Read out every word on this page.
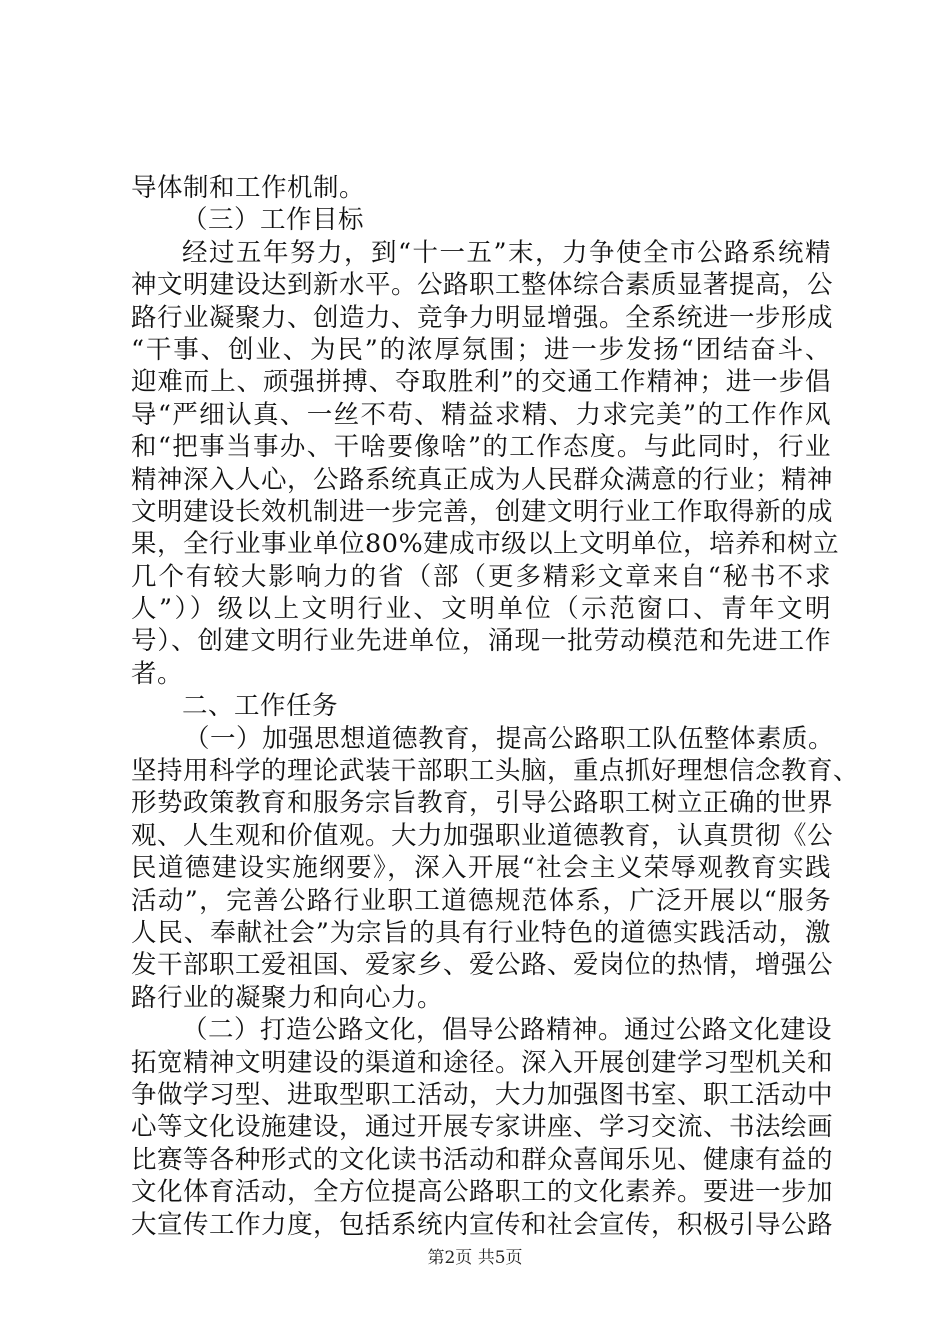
导体制和工作机制。
（三）工作目标
经过五年努力，到“十一五”末，力争使全市公路系统精
神文明建设达到新水平。公路职工整体综合素质显著提高，公
路行业凝聚力、创造力、竞争力明显增强。全系统进一步形成
“干事、创业、为民”的浓厚氛围；进一步发扬“团结奋斗、
迎难而上、顽强拼搏、夺取胜利”的交通工作精神；进一步倡
导“严细认真、一丝不苟、精益求精、力求完美”的工作作风
和“把事当事办、干啥要像啥”的工作态度。与此同时，行业
精神深入人心，公路系统真正成为人民群众满意的行业；精神
文明建设长效机制进一步完善，创建文明行业工作取得新的成
果，全行业事业单位80%建成市级以上文明单位，培养和树立
几个有较大影响力的省（部（更多精彩文章来自“秘书不求
人”））级以上文明行业、文明单位（示范窗口、青年文明
号）、创建文明行业先进单位，涌现一批劳动模范和先进工作
者。
二、工作任务
（一）加强思想道德教育，提高公路职工队伍整体素质。
坚持用科学的理论武装干部职工头脑，重点抓好理想信念教育、
形势政策教育和服务宗旨教育，引导公路职工树立正确的世界
观、人生观和价值观。大力加强职业道德教育，认真贯彻《公
民道德建设实施纲要》，深入开展“社会主义荣辱观教育实践
活动”，完善公路行业职工道德规范体系，广泛开展以“服务
人民、奉献社会”为宗旨的具有行业特色的道德实践活动，激
发干部职工爱祖国、爱家乡、爱公路、爱岗位的热情，增强公
路行业的凝聚力和向心力。
（二）打造公路文化，倡导公路精神。通过公路文化建设
拓宽精神文明建设的渠道和途径。深入开展创建学习型机关和
争做学习型、进取型职工活动，大力加强图书室、职工活动中
心等文化设施建设，通过开展专家讲座、学习交流、书法绘画
比赛等各种形式的文化读书活动和群众喜闻乐见、健康有益的
文化体育活动，全方位提高公路职工的文化素养。要进一步加
大宣传工作力度，包括系统内宣传和社会宣传，积极引导公路
第2页 共5页
